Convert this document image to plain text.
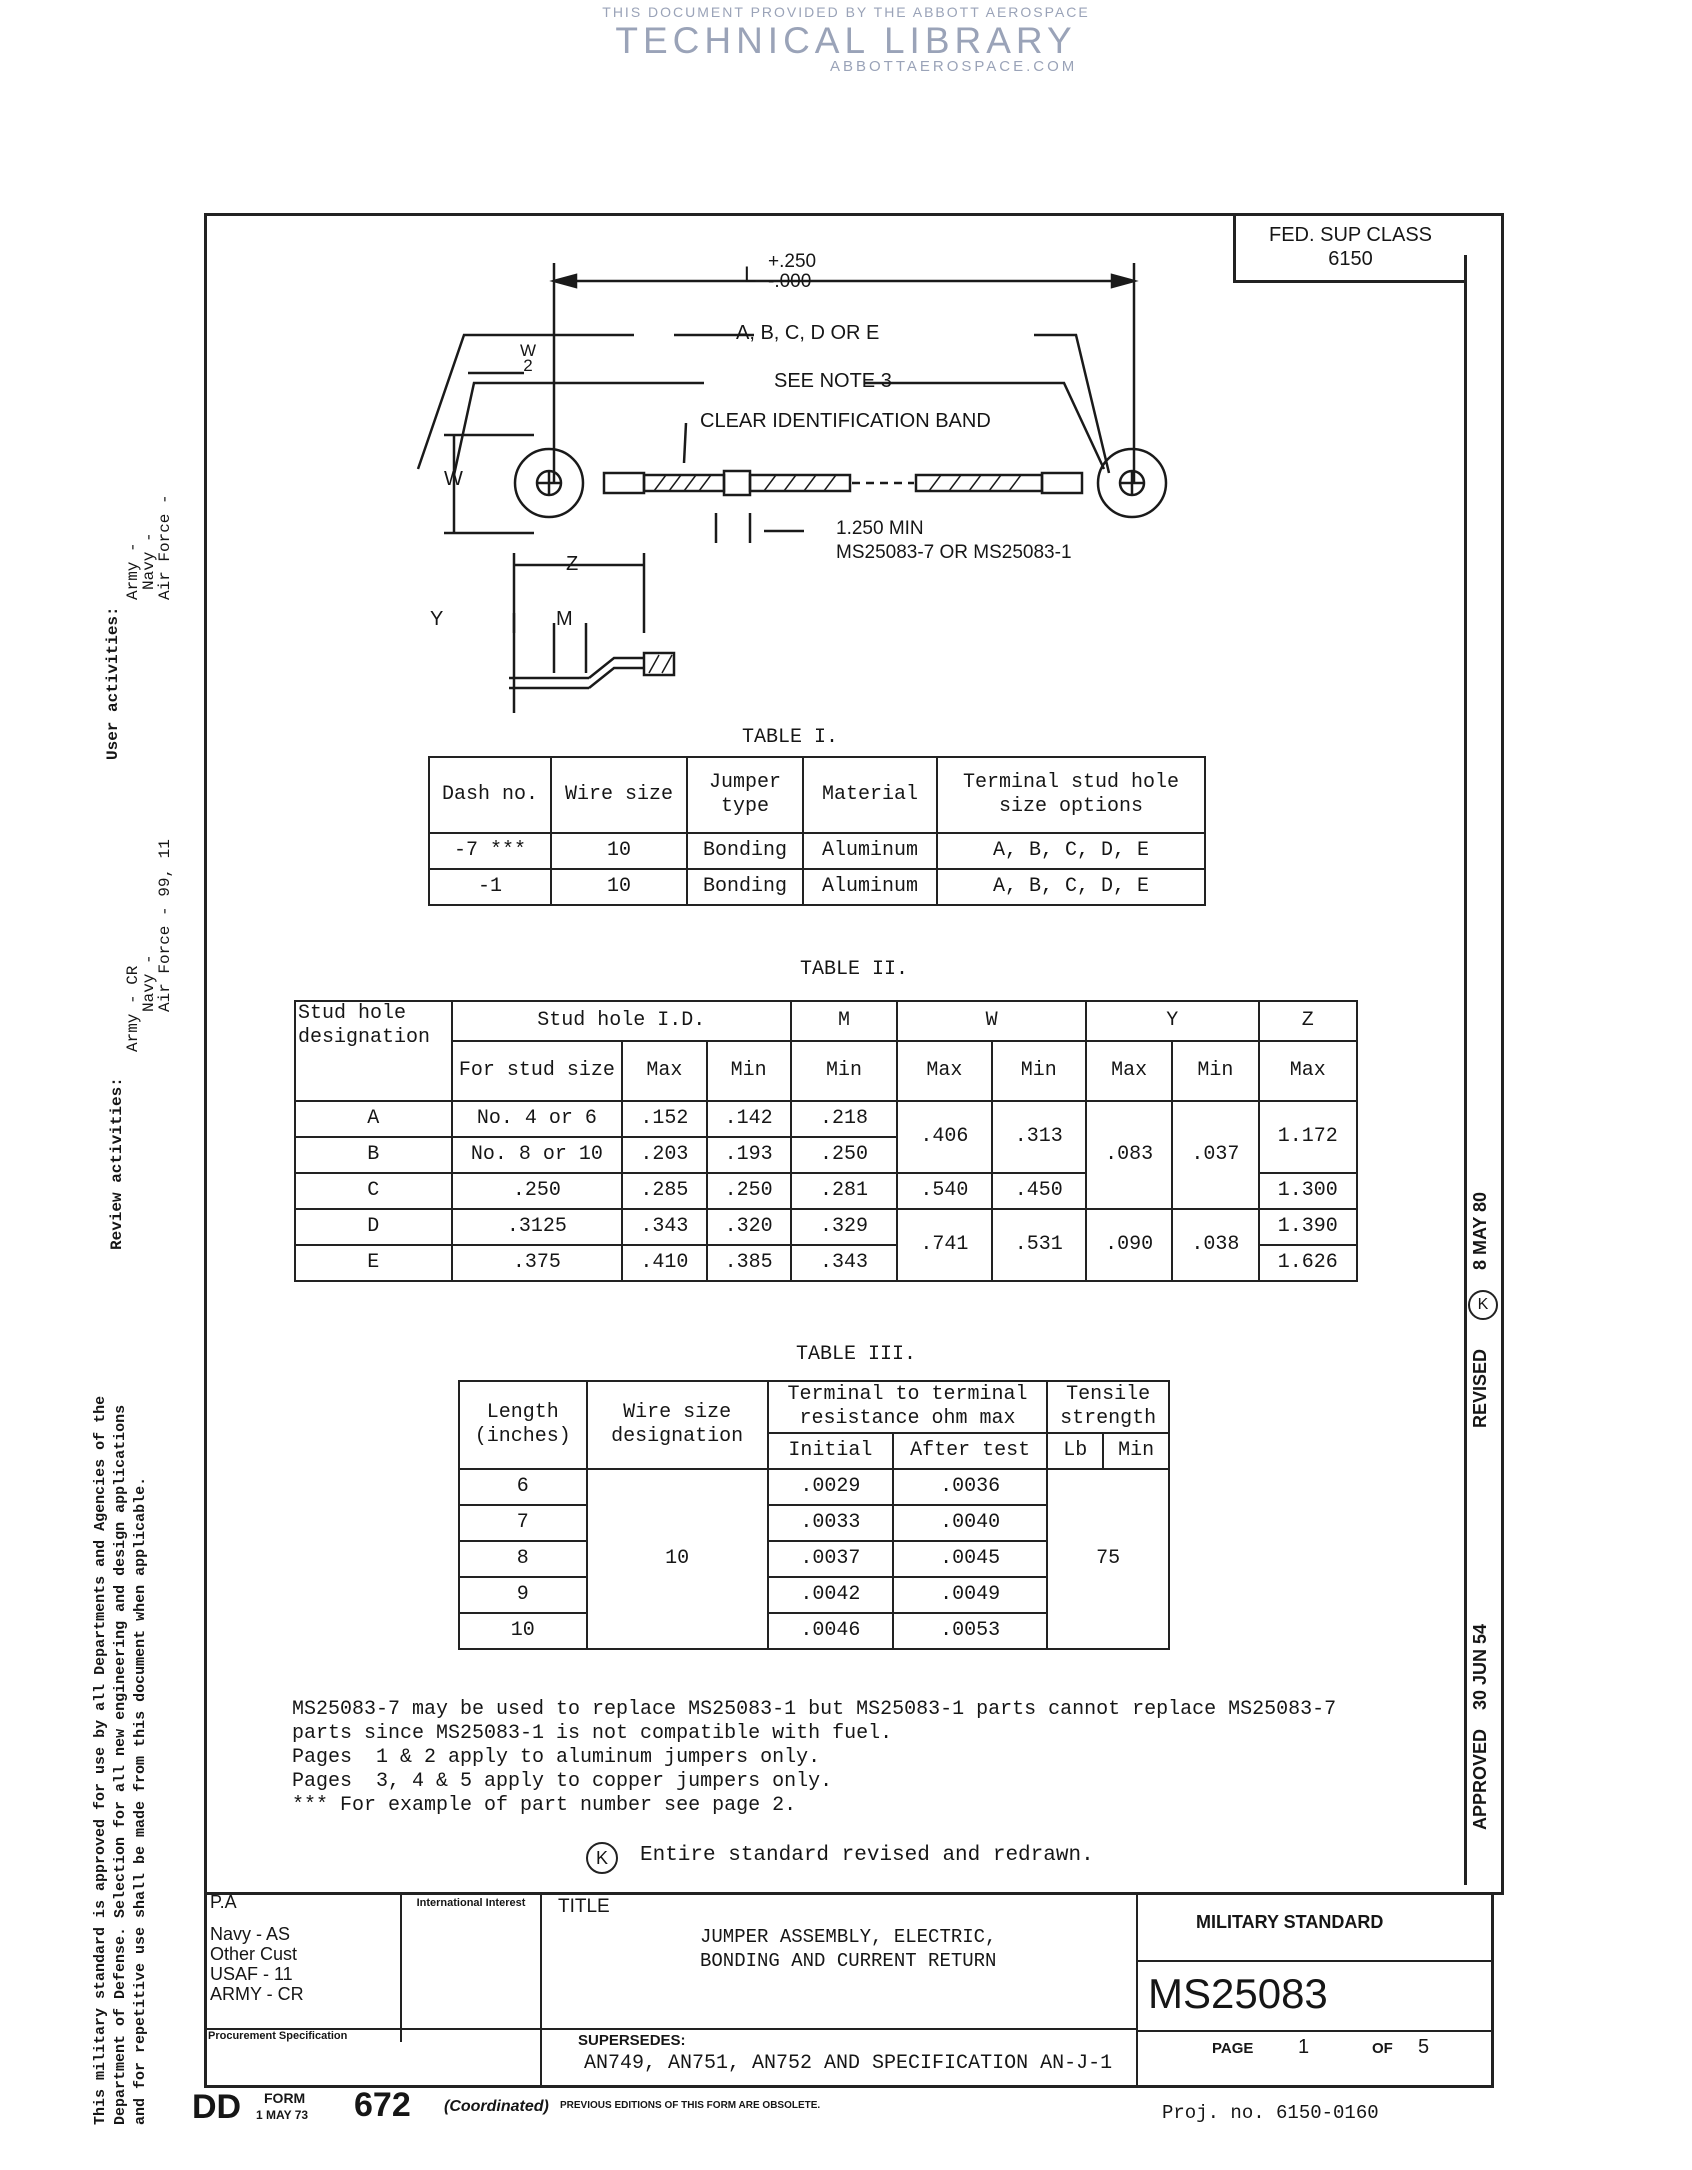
THIS DOCUMENT PROVIDED BY THE ABBOTT AEROSPACE
TECHNICAL LIBRARY
ABBOTTAEROSPACE.COM
FED. SUP CLASS
6150
L
+.250
-.000
A, B, C, D OR E
SEE NOTE 3
CLEAR IDENTIFICATION BAND
1.250 MIN
MS25083-7 OR MS25083-1
W
2
W
Z
Y	M
TABLE I.
Dash no.	Wire size	Jumper type	Material	Terminal stud hole size options
-7 ***	10	Bonding	Aluminum	A, B, C, D, E
-1	10	Bonding	Aluminum	A, B, C, D, E
TABLE II.
Stud hole designation	Stud hole I.D.			M	W		Y		Z
	For stud size	Max	Min	Min	Max	Min	Max	Min	Max
A	No. 4 or 6	.152	.142	.218	.406	.313	.083	.037	1.172
B	No. 8 or 10	.203	.193	.250					
C	.250	.285	.250	.281	.540	.450			1.300
D	.3125	.343	.320	.329	.741	.531	.090	.038	1.390
E	.375	.410	.385	.343					1.626
TABLE III.
Length (inches)	Wire size designation	Terminal to terminal resistance ohm max		Tensile strength	
		Initial	After test	Lb	Min
6	10	.0029	.0036	75	
7		.0033	.0040		
8		.0037	.0045		
9		.0042	.0049		
10		.0046	.0053		
MS25083-7 may be used to replace MS25083-1 but MS25083-1 parts cannot replace MS25083-7
parts since MS25083-1 is not compatible with fuel.
Pages  1 & 2 apply to aluminum jumpers only.
Pages  3, 4 & 5 apply to copper jumpers only.
*** For example of part number see page 2.
K	Entire standard revised and redrawn.
User activities:
Army -
Navy -
Air Force -
Review activities:
Army - CR
Navy -
Air Force - 99, 11
This military standard is approved for use by all Departments and Agencies of the Department of Defense. Selection for all new engineering and design applications and for repetitive use shall be made from this document when applicable.	APPROVED
30 JUN 54
REVISED
K
8 MAY 80
P.A
Navy - AS
Other Cust
USAF - 11
ARMY - CR
International Interest TITLE
JUMPER ASSEMBLY, ELECTRIC,
BONDING AND CURRENT RETURN
MILITARY STANDARD
MS25083
Procurement Specification	SUPERSEDES:
AN749, AN751, AN752 AND SPECIFICATION AN-J-1
PAGE 1	OF 5
DD FORM
1 MAY 73 672 (Coordinated) PREVIOUS EDITIONS OF THIS FORM ARE OBSOLETE.	Proj. no. 6150-0160
